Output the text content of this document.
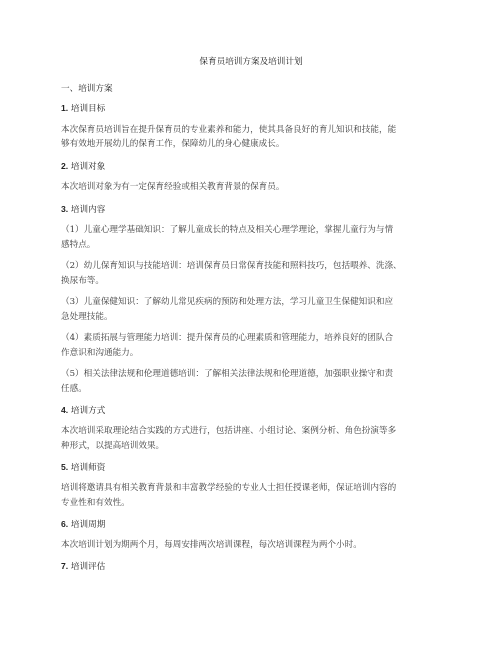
保育员培训方案及培训计划
一、培训方案
1. 培训目标
本次保育员培训旨在提升保育员的专业素养和能力，使其具备良好的育儿知识和技能，能
够有效地开展幼儿的保育工作，保障幼儿的身心健康成长。
2. 培训对象
本次培训对象为有一定保育经验或相关教育背景的保育员。
3. 培训内容
（1）儿童心理学基础知识：了解儿童成长的特点及相关心理学理论，掌握儿童行为与情
感特点。
（2）幼儿保育知识与技能培训：培训保育员日常保育技能和照料技巧，包括喂养、洗涤、
换尿布等。
（3）儿童保健知识：了解幼儿常见疾病的预防和处理方法，学习儿童卫生保健知识和应
急处理技能。
（4）素质拓展与管理能力培训：提升保育员的心理素质和管理能力，培养良好的团队合
作意识和沟通能力。
（5）相关法律法规和伦理道德培训：了解相关法律法规和伦理道德，加强职业操守和责
任感。
4. 培训方式
本次培训采取理论结合实践的方式进行，包括讲座、小组讨论、案例分析、角色扮演等多
种形式，以提高培训效果。
5. 培训师资
培训将邀请具有相关教育背景和丰富教学经验的专业人士担任授课老师，保证培训内容的
专业性和有效性。
6. 培训周期
本次培训计划为期两个月，每周安排两次培训课程，每次培训课程为两个小时。
7. 培训评估
